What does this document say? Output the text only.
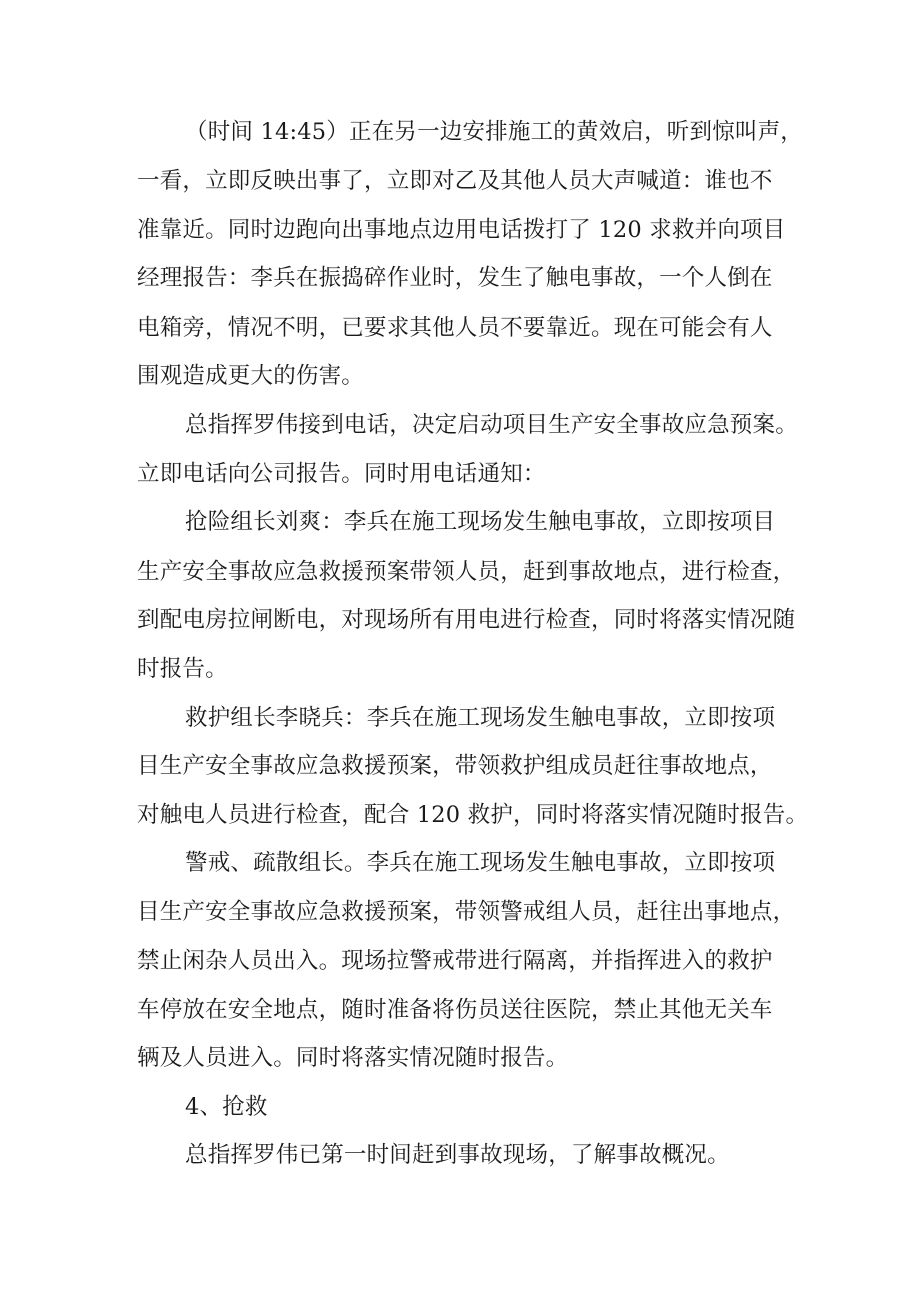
（时间 14:45）正在另一边安排施工的黄效启，听到惊叫声，
一看，立即反映出事了，立即对乙及其他人员大声喊道：谁也不
准靠近。同时边跑向出事地点边用电话拨打了 120 求救并向项目
经理报告：李兵在振捣碎作业时，发生了触电事故，一个人倒在
电箱旁，情况不明，已要求其他人员不要靠近。现在可能会有人
围观造成更大的伤害。
总指挥罗伟接到电话，决定启动项目生产安全事故应急预案。
立即电话向公司报告。同时用电话通知：
抢险组长刘爽：李兵在施工现场发生触电事故，立即按项目
生产安全事故应急救援预案带领人员，赶到事故地点，进行检查，
到配电房拉闸断电，对现场所有用电进行检查，同时将落实情况随
时报告。
救护组长李晓兵：李兵在施工现场发生触电事故，立即按项
目生产安全事故应急救援预案，带领救护组成员赶往事故地点，
对触电人员进行检查，配合 120 救护，同时将落实情况随时报告。
警戒、疏散组长。李兵在施工现场发生触电事故，立即按项
目生产安全事故应急救援预案，带领警戒组人员，赶往出事地点，
禁止闲杂人员出入。现场拉警戒带进行隔离，并指挥进入的救护
车停放在安全地点，随时准备将伤员送往医院，禁止其他无关车
辆及人员进入。同时将落实情况随时报告。
4、抢救
总指挥罗伟已第一时间赶到事故现场，了解事故概况。
